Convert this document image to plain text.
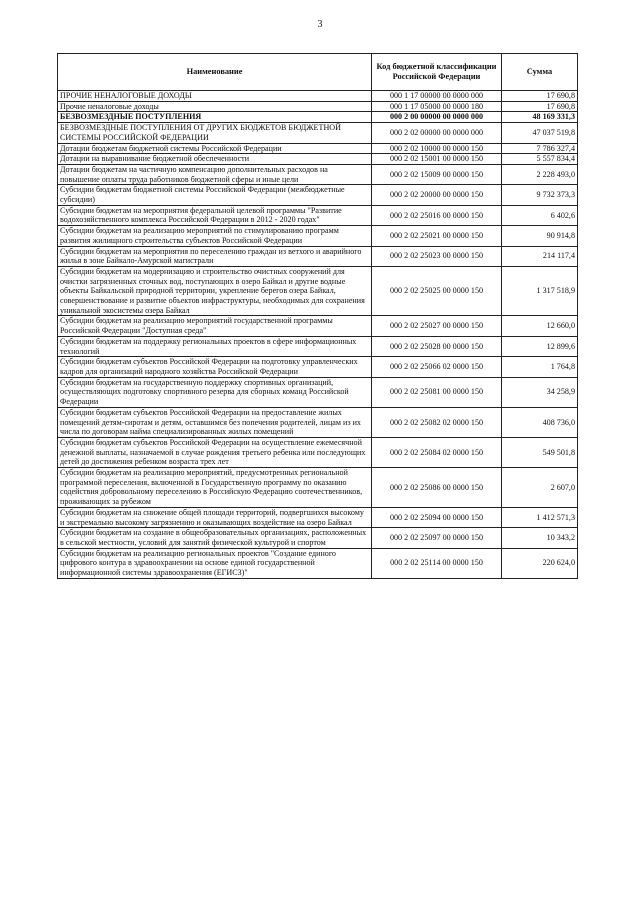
3
Наименование	Код бюджетной классификации Российской Федерации	Сумма
ПРОЧИЕ НЕНАЛОГОВЫЕ ДОХОДЫ	000 1 17 00000 00 0000 000	17 690,8
Прочие неналоговые доходы	000 1 17 05000 00 0000 180	17 690,8
БЕЗВОЗМЕЗДНЫЕ ПОСТУПЛЕНИЯ	000 2 00 00000 00 0000 000	48 169 331,3
БЕЗВОЗМЕЗДНЫЕ ПОСТУПЛЕНИЯ ОТ ДРУГИХ БЮДЖЕТОВ БЮДЖЕТНОЙ СИСТЕМЫ РОССИЙСКОЙ ФЕДЕРАЦИИ	000 2 02 00000 00 0000 000	47 037 519,8
Дотации бюджетам бюджетной системы Российской Федерации	000 2 02 10000 00 0000 150	7 786 327,4
Дотации на выравнивание бюджетной обеспеченности	000 2 02 15001 00 0000 150	5 557 834,4
Дотации бюджетам на частичную компенсацию дополнительных расходов на повышение оплаты труда работников бюджетной сферы и иные цели	000 2 02 15009 00 0000 150	2 228 493,0
Субсидии бюджетам бюджетной системы Российской Федерации (межбюджетные субсидии)	000 2 02 20000 00 0000 150	9 732 373,3
Субсидии бюджетам на мероприятия федеральной целевой программы "Развитие водохозяйственного комплекса Российской Федерации в 2012 - 2020 годах"	000 2 02 25016 00 0000 150	6 402,6
Субсидии бюджетам на реализацию мероприятий по стимулированию программ развития жилищного строительства субъектов Российской Федерации	000 2 02 25021 00 0000 150	90 914,8
Субсидии бюджетам на мероприятия по переселению граждан из ветхого и аварийного жилья в зоне Байкало-Амурской магистрали	000 2 02 25023 00 0000 150	214 117,4
Субсидии бюджетам на модернизацию и строительство очистных сооружений для очистки загрязненных сточных вод, поступающих в озеро Байкал и другие водные объекты Байкальской природной территории, укрепление берегов озера Байкал, совершенствование и развитие объектов инфраструктуры, необходимых для сохранения уникальной экосистемы озера Байкал	000 2 02 25025 00 0000 150	1 317 518,9
Субсидии бюджетам на реализацию мероприятий государственной программы Российской Федерации "Доступная среда"	000 2 02 25027 00 0000 150	12 660,0
Субсидии бюджетам на поддержку региональных проектов в сфере информационных технологий	000 2 02 25028 00 0000 150	12 899,6
Субсидии бюджетам субъектов Российской Федерации на подготовку управленческих кадров для организаций народного хозяйства Российской Федерации	000 2 02 25066 02 0000 150	1 764,8
Субсидии бюджетам на государственную поддержку спортивных организаций, осуществляющих подготовку спортивного резерва для сборных команд Российской Федерации	000 2 02 25081 00 0000 150	34 258,9
Субсидии бюджетам субъектов Российской Федерации на предоставление жилых помещений детям-сиротам и детям, оставшимся без попечения родителей, лицам из их числа по договорам найма специализированных жилых помещений	000 2 02 25082 02 0000 150	408 736,0
Субсидии бюджетам субъектов Российской Федерации на осуществление ежемесячной денежной выплаты, назначаемой в случае рождения третьего ребенка или последующих детей до достижения ребенком возраста трех лет	000 2 02 25084 02 0000 150	549 501,8
Субсидии бюджетам на реализацию мероприятий, предусмотренных региональной программой переселения, включенной в Государственную программу по оказанию содействия добровольному переселению в Российскую Федерацию соотечественников, проживающих за рубежом	000 2 02 25086 00 0000 150	2 607,0
Субсидии бюджетам на снижение общей площади территорий, подвергшихся высокому и экстремально высокому загрязнению и оказывающих воздействие на озеро Байкал	000 2 02 25094 00 0000 150	1 412 571,3
Субсидии бюджетам на создание в общеобразовательных организациях, расположенных в сельской местности, условий для занятий физической культурой и спортом	000 2 02 25097 00 0000 150	10 343,2
Субсидии бюджетам на реализацию региональных проектов "Создание единого цифрового контура в здравоохранении на основе единой государственной информационной системы здравоохранения (ЕГИСЗ)"	000 2 02 25114 00 0000 150	220 624,0
